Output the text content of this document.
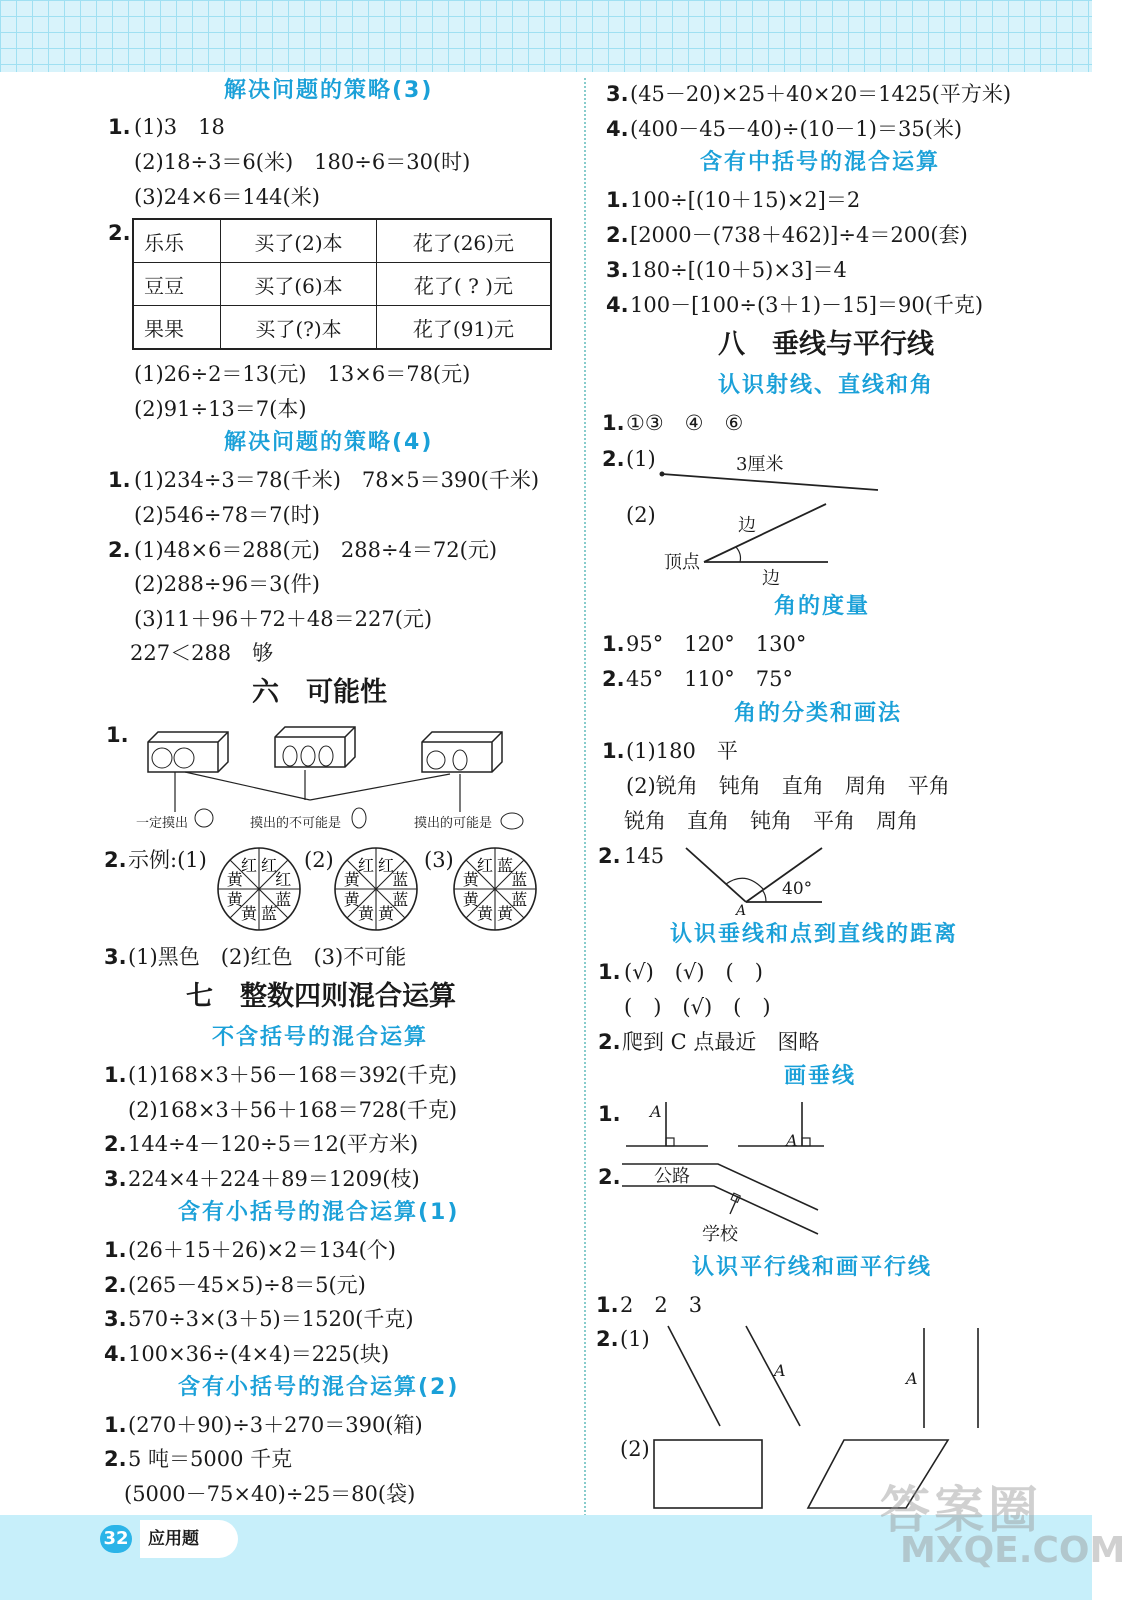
解决问题的策略(3)
1. (1)3　18
(2)18÷3＝6(米)　180÷6＝30(时)
(3)24×6＝144(米)
2. 乐乐	买了(2)本	花了(26)元
豆豆	买了(6)本	花了( ? )元
果果	买了(?)本	花了(91)元
(1)26÷2＝13(元)　13×6＝78(元)
(2)91÷13＝7(本)
解决问题的策略(4)
1. (1)234÷3＝78(千米)　78×5＝390(千米)
(2)546÷78＝7(时)
2. (1)48×6＝288(元)　288÷4＝72(元)
(2)288÷96＝3(件)
(3)11＋96＋72＋48＝227(元)
227＜288　够
六　可能性
1.
一定摸出	摸出的不可能是	摸出的可能是
2. 示例:(1)	(2)	(3)
红
红
蓝
蓝
黄
黄
黄
红	红
蓝
蓝
黄
黄
黄
黄
红	蓝
蓝
蓝
黄
黄
黄
黄
红
3. (1)黑色　(2)红色　(3)不可能
七　整数四则混合运算
不含括号的混合运算
1. (1)168×3＋56－168＝392(千克)
(2)168×3＋56＋168＝728(千克)
2. 144÷4－120÷5＝12(平方米)
3. 224×4＋224＋89＝1209(枝)
含有小括号的混合运算(1)
1. (26＋15＋26)×2＝134(个)
2. (265－45×5)÷8＝5(元)
3. 570÷3×(3＋5)＝1520(千克)
4. 100×36÷(4×4)＝225(块)
含有小括号的混合运算(2)
1. (270＋90)÷3＋270＝390(箱)
2. 5 吨＝5000 千克
(5000－75×40)÷25＝80(袋)
3. (45－20)×25＋40×20＝1425(平方米)
4. (400－45－40)÷(10－1)＝35(米)
含有中括号的混合运算
1. 100÷[(10＋15)×2]＝2
2. [2000－(738＋462)]÷4＝200(套)
3. 180÷[(10＋5)×3]＝4
4. 100－[100÷(3＋1)－15]＝90(千克)
八　垂线与平行线
认识射线、直线和角
1. ①③　④　⑥
2. (1)	3厘米
(2)	边
顶点
边
角的度量
1. 95°　120°　130°
2. 45°　110°　75°
角的分类和画法
1. (1)180　平
(2)锐角　钝角　直角　周角　平角
锐角　直角　钝角　平角　周角
2. 145
40°
A
认识垂线和点到直线的距离
1. (√)　(√)　(　)
(　)　(√)　(　)
2. 爬到 C 点最近　图略
画垂线
1. A
A
2. 公路
学校
认识平行线和画平行线
1. 2　2　3
2. (1)
A	A
(2)
32	应用题	答案圈
MXQE.COM
